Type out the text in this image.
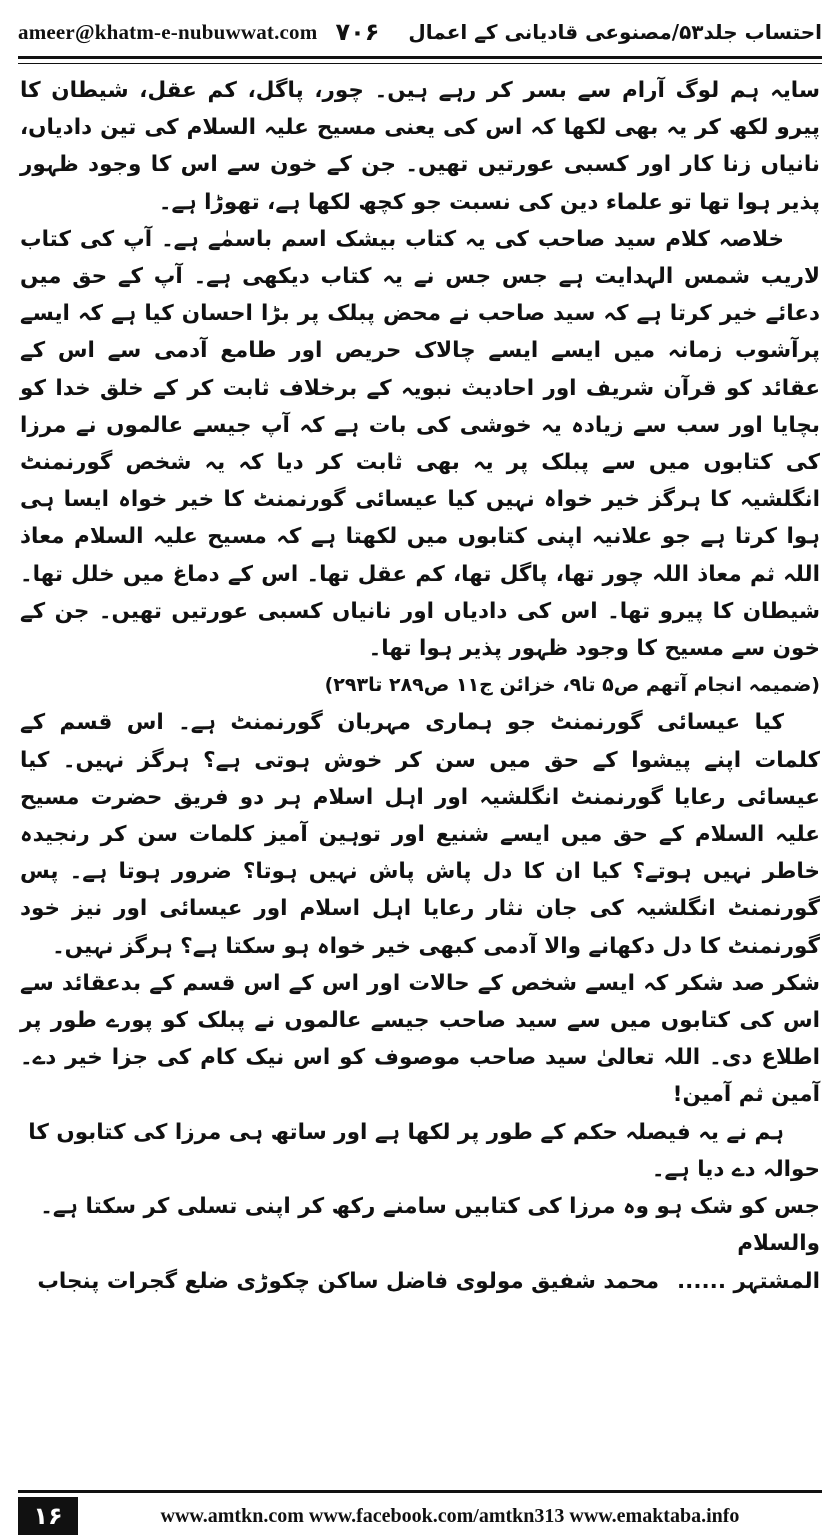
ameer@khatm-e-nubuwwat.com ۷۰۶ احتساب جلد۵۳/مصنوعی قادیانی کے اعمال

سایہ ہم لوگ آرام سے بسر کر رہے ہیں۔ چور، پاگل، کم عقل، شیطان کا پیرو لکھ کر یہ بھی لکھا کہ اس کی یعنی مسیح علیہ السلام کی تین دادیاں، نانیاں زنا کار اور کسبی عورتیں تھیں۔ جن کے خون سے اس کا وجود ظہور پذیر ہوا تھا تو علماء دین کی نسبت جو کچھ لکھا ہے، تھوڑا ہے۔

خلاصہ کلام سید صاحب کی یہ کتاب بیشک اسم باسمٰے ہے۔ آپ کی کتاب لاریب شمس الہدایت ہے جس جس نے یہ کتاب دیکھی ہے۔ آپ کے حق میں دعائے خیر کرتا ہے کہ سید صاحب نے محض پبلک پر بڑا احسان کیا ہے کہ ایسے پرآشوب زمانہ میں ایسے ایسے چالاک حریص اور طامع آدمی سے اس کے عقائد کو قرآن شریف اور احادیث نبویہ کے برخلاف ثابت کر کے خلق خدا کو بچایا اور سب سے زیادہ یہ خوشی کی بات ہے کہ آپ جیسے عالموں نے مرزا کی کتابوں میں سے پبلک پر یہ بھی ثابت کر دیا کہ یہ شخص گورنمنٹ انگلشیہ کا ہرگز خیر خواہ نہیں کیا عیسائی گورنمنٹ کا خیر خواہ ایسا ہی ہوا کرتا ہے جو علانیہ اپنی کتابوں میں لکھتا ہے کہ مسیح علیہ السلام معاذ اللہ ثم معاذ اللہ چور تھا، پاگل تھا، کم عقل تھا۔ اس کے دماغ میں خلل تھا۔ شیطان کا پیرو تھا۔ اس کی دادیاں اور نانیاں کسبی عورتیں تھیں۔ جن کے خون سے مسیح کا وجود ظہور پذیر ہوا تھا۔

(ضمیمہ انجام آتھم ص۵ تا۹، خزائن ج۱۱ ص۲۸۹ تا۲۹۳)

کیا عیسائی گورنمنٹ جو ہماری مہربان گورنمنٹ ہے۔ اس قسم کے کلمات اپنے پیشوا کے حق میں سن کر خوش ہوتی ہے؟ ہرگز نہیں۔ کیا عیسائی رعایا گورنمنٹ انگلشیہ اور اہل اسلام ہر دو فریق حضرت مسیح علیہ السلام کے حق میں ایسے شنیع اور توہین آمیز کلمات سن کر رنجیدہ خاطر نہیں ہوتے؟ کیا ان کا دل پاش پاش نہیں ہوتا؟ ضرور ہوتا ہے۔ پس گورنمنٹ انگلشیہ کی جان نثار رعایا اہل اسلام اور عیسائی اور نیز خود گورنمنٹ کا دل دکھانے والا آدمی کبھی خیر خواہ ہو سکتا ہے؟ ہرگز نہیں۔

شکر صد شکر کہ ایسے شخص کے حالات اور اس کے اس قسم کے بدعقائد سے اس کی کتابوں میں سے سید صاحب جیسے عالموں نے پبلک کو پورے طور پر اطلاع دی۔ اللہ تعالیٰ سید صاحب موصوف کو اس نیک کام کی جزا خیر دے۔ آمین ثم آمین!

ہم نے یہ فیصلہ حکم کے طور پر لکھا ہے اور ساتھ ہی مرزا کی کتابوں کا حوالہ دے دیا ہے۔

جس کو شک ہو وہ مرزا کی کتابیں سامنے رکھ کر اپنی تسلی کر سکتا ہے۔ والسلام

المشتہر ......
محمد شفیق مولوی فاضل ساکن چکوڑی ضلع گجرات پنجاب
۱۶	www.amtkn.com www.facebook.com/amtkn313 www.emaktaba.info
